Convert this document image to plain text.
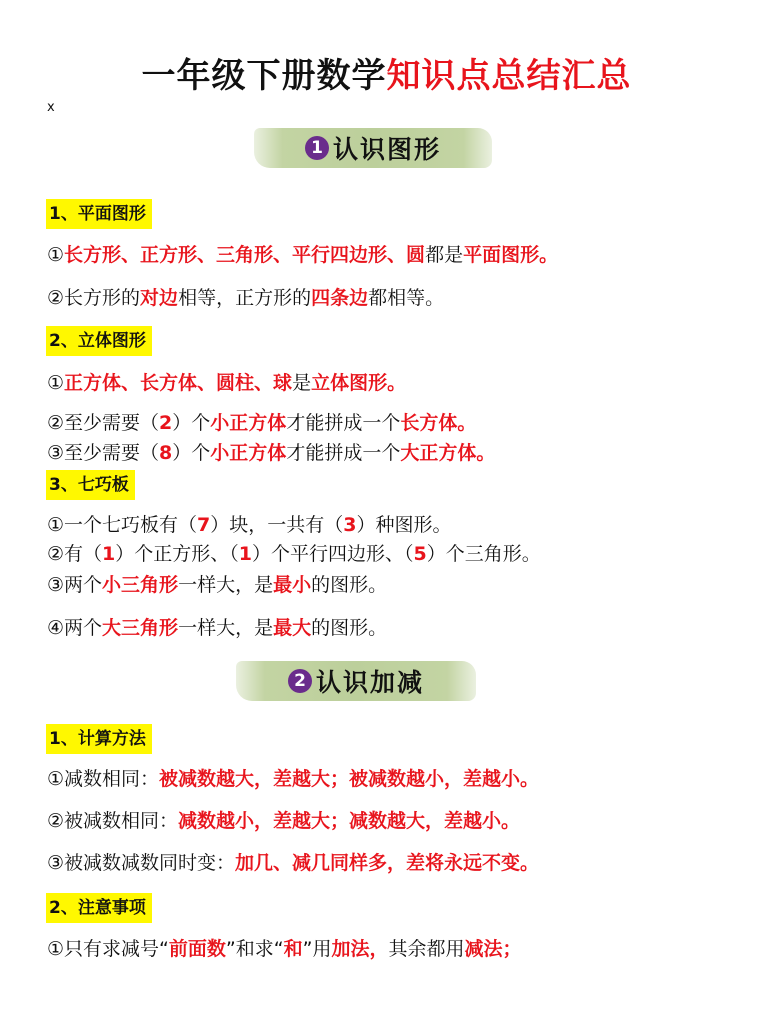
一年级下册数学知识点总结汇总
x
1 认识图形
1、平面图形
①长方形、正方形、三角形、平行四边形、圆都是平面图形。
②长方形的对边相等，正方形的四条边都相等。
2、立体图形
①正方体、长方体、圆柱、球是立体图形。
②至少需要（2）个小正方体才能拼成一个长方体。
③至少需要（8）个小正方体才能拼成一个大正方体。
3、七巧板
①一个七巧板有（7）块，一共有（3）种图形。
②有（1）个正方形、（1）个平行四边形、（5）个三角形。
③两个小三角形一样大，是最小的图形。
④两个大三角形一样大，是最大的图形。
2 认识加减
1、计算方法
①减数相同：被减数越大，差越大；被减数越小，差越小。
②被减数相同：减数越小，差越大；减数越大，差越小。
③被减数减数同时变：加几、减几同样多，差将永远不变。
2、注意事项
①只有求减号“前面数”和求“和”用加法，其余都用减法；
